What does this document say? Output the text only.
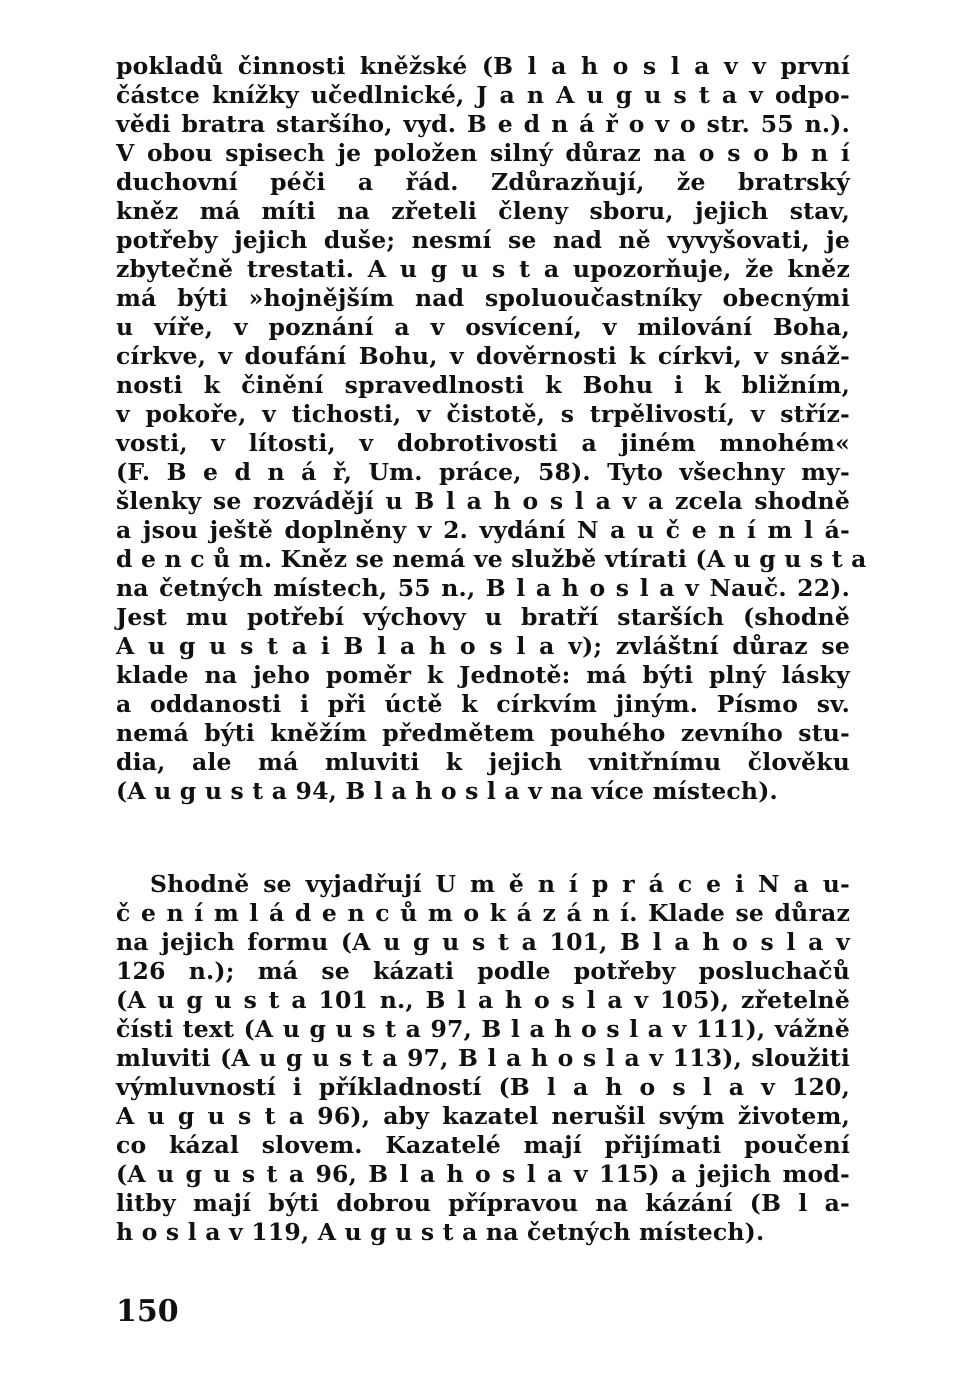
pokladů činnosti kněžské (B l a h o s l a v v první
částce knížky učedlnické, J a n A u g u s t a v odpo-
vědi bratra staršího, vyd. B e d n á ř o v o str. 55 n.).
V obou spisech je položen silný důraz na o s o b n í
duchovní péči a řád. Zdůrazňují, že bratrský
kněz má míti na zřeteli členy sboru, jejich stav,
potřeby jejich duše; nesmí se nad ně vyvyšovati, je
zbytečně trestati. A u g u s t a upozorňuje, že kněz
má býti »hojnějším nad spoluoučastníky obecnými
u víře, v poznání a v osvícení, v milování Boha,
církve, v doufání Bohu, v dověrnosti k církvi, v snáž-
nosti k činění spravedlnosti k Bohu i k bližním,
v pokoře, v tichosti, v čistotě, s trpělivostí, v stříz-
vosti, v lítosti, v dobrotivosti a jiném mnohém«
(F. B e d n á ř, Um. práce, 58). Tyto všechny my-
šlenky se rozvádějí u B l a h o s l a v a zcela shodně
a jsou ještě doplněny v 2. vydání N a u č e n í m l á-
d e n c ů m. Kněz se nemá ve službě vtírati (A u g u s t a
na četných místech, 55 n., B l a h o s l a v Nauč. 22).
Jest mu potřebí výchovy u bratří starších (shodně
A u g u s t a i B l a h o s l a v); zvláštní důraz se
klade na jeho poměr k Jednotě: má býti plný lásky
a oddanosti i při úctě k církvím jiným. Písmo sv.
nemá býti kněžím předmětem pouhého zevního stu-
dia, ale má mluviti k jejich vnitřnímu člověku
(A u g u s t a 94, B l a h o s l a v na více místech).
Shodně se vyjadřují U m ě n í p r á c e i N a u-
č e n í m l á d e n c ů m o k á z á n í. Klade se důraz
na jejich formu (A u g u s t a 101, B l a h o s l a v
126 n.); má se kázati podle potřeby posluchačů
(A u g u s t a 101 n., B l a h o s l a v 105), zřetelně
čísti text (A u g u s t a 97, B l a h o s l a v 111), vážně
mluviti (A u g u s t a 97, B l a h o s l a v 113), sloužiti
výmluvností i příkladností (B l a h o s l a v 120,
A u g u s t a 96), aby kazatel nerušil svým životem,
co kázal slovem. Kazatelé mají přijímati poučení
(A u g u s t a 96, B l a h o s l a v 115) a jejich mod-
litby mají býti dobrou přípravou na kázání (B l a-
h o s l a v 119, A u g u s t a na četných místech).
150
